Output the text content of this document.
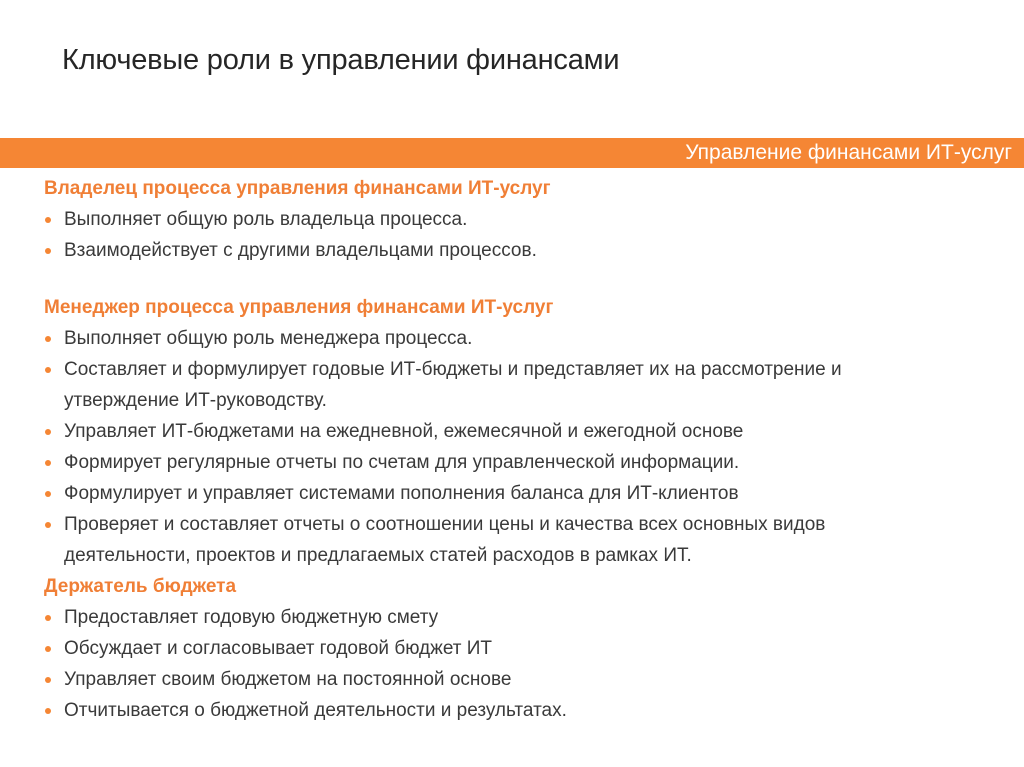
Ключевые роли в управлении финансами
Управление финансами ИТ-услуг
Владелец процесса управления финансами ИТ-услуг
Выполняет общую роль владельца процесса.
Взаимодействует с другими владельцами процессов.
Менеджер процесса управления финансами ИТ-услуг
Выполняет общую роль менеджера процесса.
Составляет и формулирует годовые ИТ-бюджеты и представляет их на рассмотрение и утверждение ИТ-руководству.
Управляет ИТ-бюджетами на ежедневной, ежемесячной и ежегодной основе
Формирует регулярные отчеты по счетам для управленческой информации.
Формулирует и управляет системами пополнения баланса для ИТ-клиентов
Проверяет и составляет отчеты о соотношении цены и качества всех основных видов деятельности, проектов и предлагаемых статей расходов в рамках ИТ.
Держатель бюджета
Предоставляет годовую бюджетную смету
Обсуждает и согласовывает годовой бюджет ИТ
Управляет своим бюджетом на постоянной основе
Отчитывается о бюджетной деятельности и результатах.
